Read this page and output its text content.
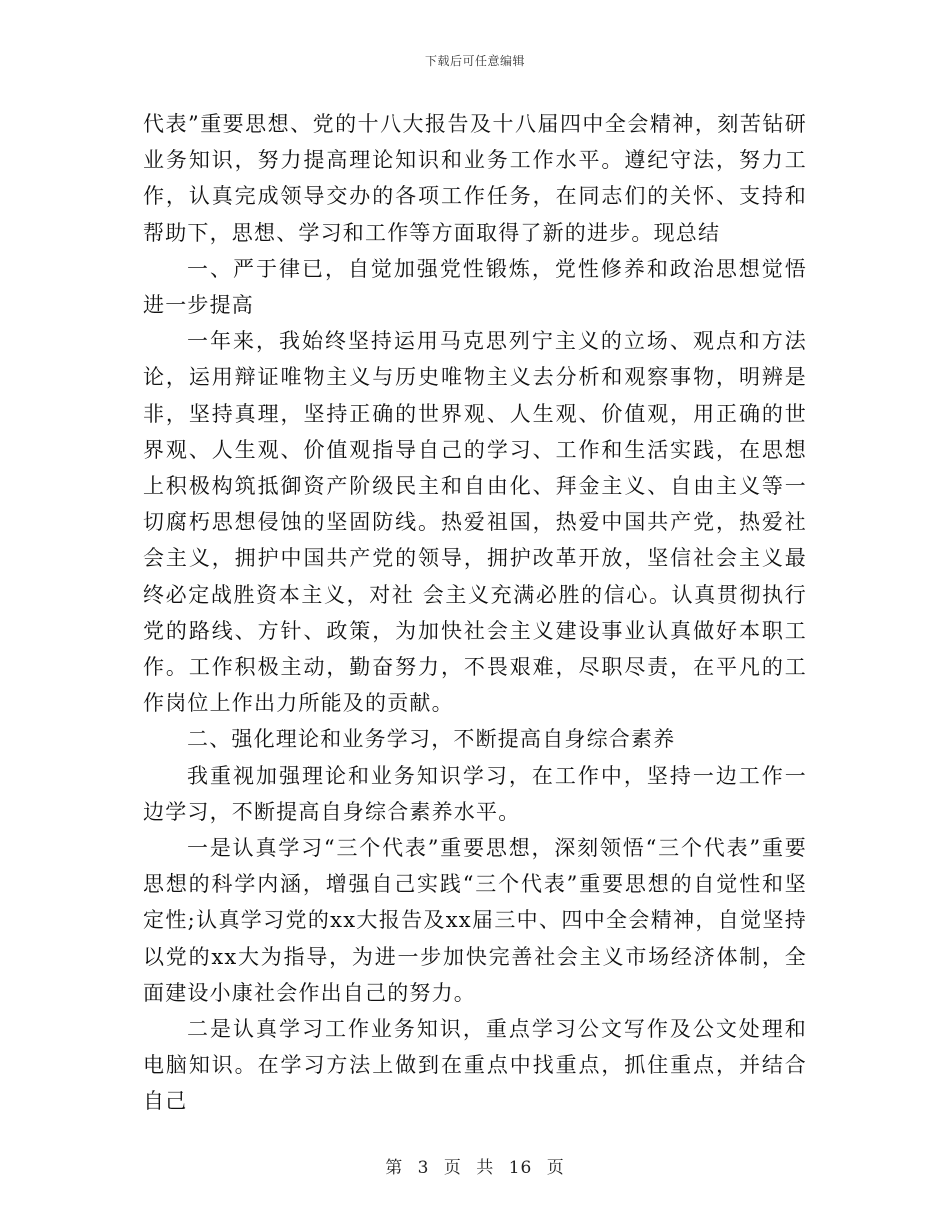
下载后可任意编辑

代表”重要思想、党的十八大报告及十八届四中全会精神，刻苦钻研业务知识，努力提高理论知识和业务工作水平。遵纪守法，努力工作，认真完成领导交办的各项工作任务，在同志们的关怀、支持和帮助下，思想、学习和工作等方面取得了新的进步。现总结

一、严于律已，自觉加强党性锻炼，党性修养和政治思想觉悟进一步提高

一年来，我始终坚持运用马克思列宁主义的立场、观点和方法论，运用辩证唯物主义与历史唯物主义去分析和观察事物，明辨是非，坚持真理，坚持正确的世界观、人生观、价值观，用正确的世界观、人生观、价值观指导自己的学习、工作和生活实践，在思想上积极构筑抵御资产阶级民主和自由化、拜金主义、自由主义等一切腐朽思想侵蚀的坚固防线。热爱祖国，热爱中国共产党，热爱社会主义，拥护中国共产党的领导，拥护改革开放，坚信社会主义最终必定战胜资本主义，对社 会主义充满必胜的信心。认真贯彻执行党的路线、方针、政策，为加快社会主义建设事业认真做好本职工作。工作积极主动，勤奋努力，不畏艰难，尽职尽责，在平凡的工作岗位上作出力所能及的贡献。

二、强化理论和业务学习，不断提高自身综合素养

我重视加强理论和业务知识学习，在工作中，坚持一边工作一边学习，不断提高自身综合素养水平。

一是认真学习“三个代表”重要思想，深刻领悟“三个代表”重要思想的科学内涵，增强自己实践“三个代表”重要思想的自觉性和坚定性;认真学习党的xx大报告及xx届三中、四中全会精神，自觉坚持以党的xx大为指导，为进一步加快完善社会主义市场经济体制，全面建设小康社会作出自己的努力。

二是认真学习工作业务知识，重点学习公文写作及公文处理和电脑知识。在学习方法上做到在重点中找重点，抓住重点，并结合自己

第 3 页 共 16 页
